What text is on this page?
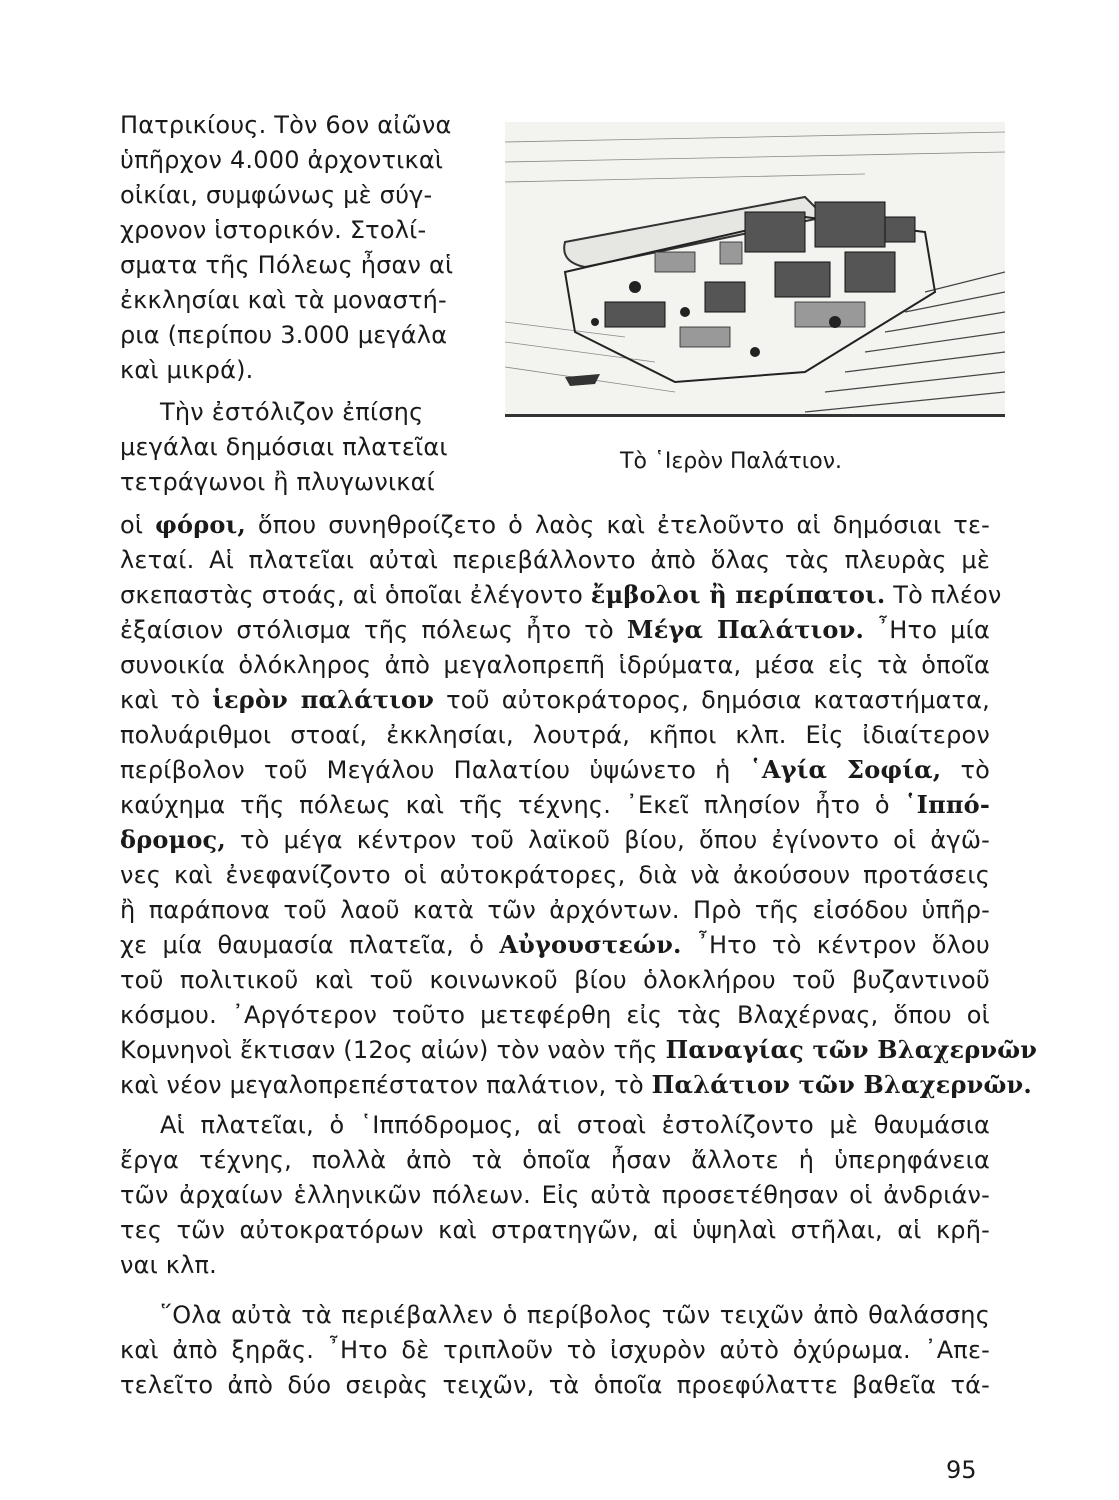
Τὸ ῾Ιερὸν Παλάτιον.
Πατρικίους. Τὸν 6ον αἰῶνα
ὑπῆρχον 4.000 ἀρχοντικαὶ
οἰκίαι, συμφώνως μὲ σύγ-
χρονον ἱστορικόν. Στολί-
σματα τῆς Πόλεως ἦσαν αἱ
ἐκκλησίαι καὶ τὰ μοναστή-
ρια (περίπου 3.000 μεγάλα
καὶ μικρά).
Τὴν ἐστόλιζον ἐπίσης
μεγάλαι δημόσιαι πλατεῖαι
τετράγωνοι ἢ πλυγωνικαί
οἱ φόροι, ὅπου συνηθροίζετο ὁ λαὸς καὶ ἐτελοῦντο αἱ δημόσιαι τε-
λεταί. Αἱ πλατεῖαι αὐταὶ περιεβάλλοντο ἀπὸ ὅλας τὰς πλευρὰς μὲ
σκεπαστὰς στοάς, αἱ ὁποῖαι ἐλέγοντο ἔμβολοι ἢ περίπατοι. Τὸ πλέον
ἐξαίσιον στόλισμα τῆς πόλεως ἦτο τὸ Μέγα Παλάτιον. ῏Ητο μία
συνοικία ὁλόκληρος ἀπὸ μεγαλοπρεπῆ ἱδρύματα, μέσα εἰς τὰ ὁποῖα
καὶ τὸ ἱερὸν παλάτιον τοῦ αὐτοκράτορος, δημόσια καταστήματα,
πολυάριθμοι στοαί, ἐκκλησίαι, λουτρά, κῆποι κλπ. Εἰς ἰδιαίτερον
περίβολον τοῦ Μεγάλου Παλατίου ὑψώνετο ἡ ῾Αγία Σοφία, τὸ
καύχημα τῆς πόλεως καὶ τῆς τέχνης. ᾿Εκεῖ πλησίον ἦτο ὁ ῾Ιππό-
δρομος, τὸ μέγα κέντρον τοῦ λαϊκοῦ βίου, ὅπου ἐγίνοντο οἱ ἀγῶ-
νες καὶ ἐνεφανίζοντο οἱ αὐτοκράτορες, διὰ νὰ ἀκούσουν προτάσεις
ἢ παράπονα τοῦ λαοῦ κατὰ τῶν ἀρχόντων. Πρὸ τῆς εἰσόδου ὑπῆρ-
χε μία θαυμασία πλατεῖα, ὁ Αὐγουστεών. ῏Ητο τὸ κέντρον ὅλου
τοῦ πολιτικοῦ καὶ τοῦ κοινωνκοῦ βίου ὁλοκλήρου τοῦ βυζαντινοῦ
κόσμου. ᾿Αργότερον τοῦτο μετεφέρθη εἰς τὰς Βλαχέρνας, ὅπου οἱ
Κομνηνοὶ ἔκτισαν (12ος αἰών) τὸν ναὸν τῆς Παναγίας τῶν Βλαχερνῶν
καὶ νέον μεγαλοπρεπέστατον παλάτιον, τὸ Παλάτιον τῶν Βλαχερνῶν.
Αἱ πλατεῖαι, ὁ ῾Ιππόδρομος, αἱ στοαὶ ἐστολίζοντο μὲ θαυμάσια
ἔργα τέχνης, πολλὰ ἀπὸ τὰ ὁποῖα ἦσαν ἄλλοτε ἡ ὑπερηφάνεια
τῶν ἀρχαίων ἑλληνικῶν πόλεων. Εἰς αὐτὰ προσετέθησαν οἱ ἀνδριάν-
τες τῶν αὐτοκρατόρων καὶ στρατηγῶν, αἱ ὑψηλαὶ στῆλαι, αἱ κρῆ-
ναι κλπ.
῞Ολα αὐτὰ τὰ περιέβαλλεν ὁ περίβολος τῶν τειχῶν ἀπὸ θαλάσσης
καὶ ἀπὸ ξηρᾶς. ῏Ητο δὲ τριπλοῦν τὸ ἰσχυρὸν αὐτὸ ὀχύρωμα. ᾿Απε-
τελεῖτο ἀπὸ δύο σειρὰς τειχῶν, τὰ ὁποῖα προεφύλαττε βαθεῖα τά-
95
